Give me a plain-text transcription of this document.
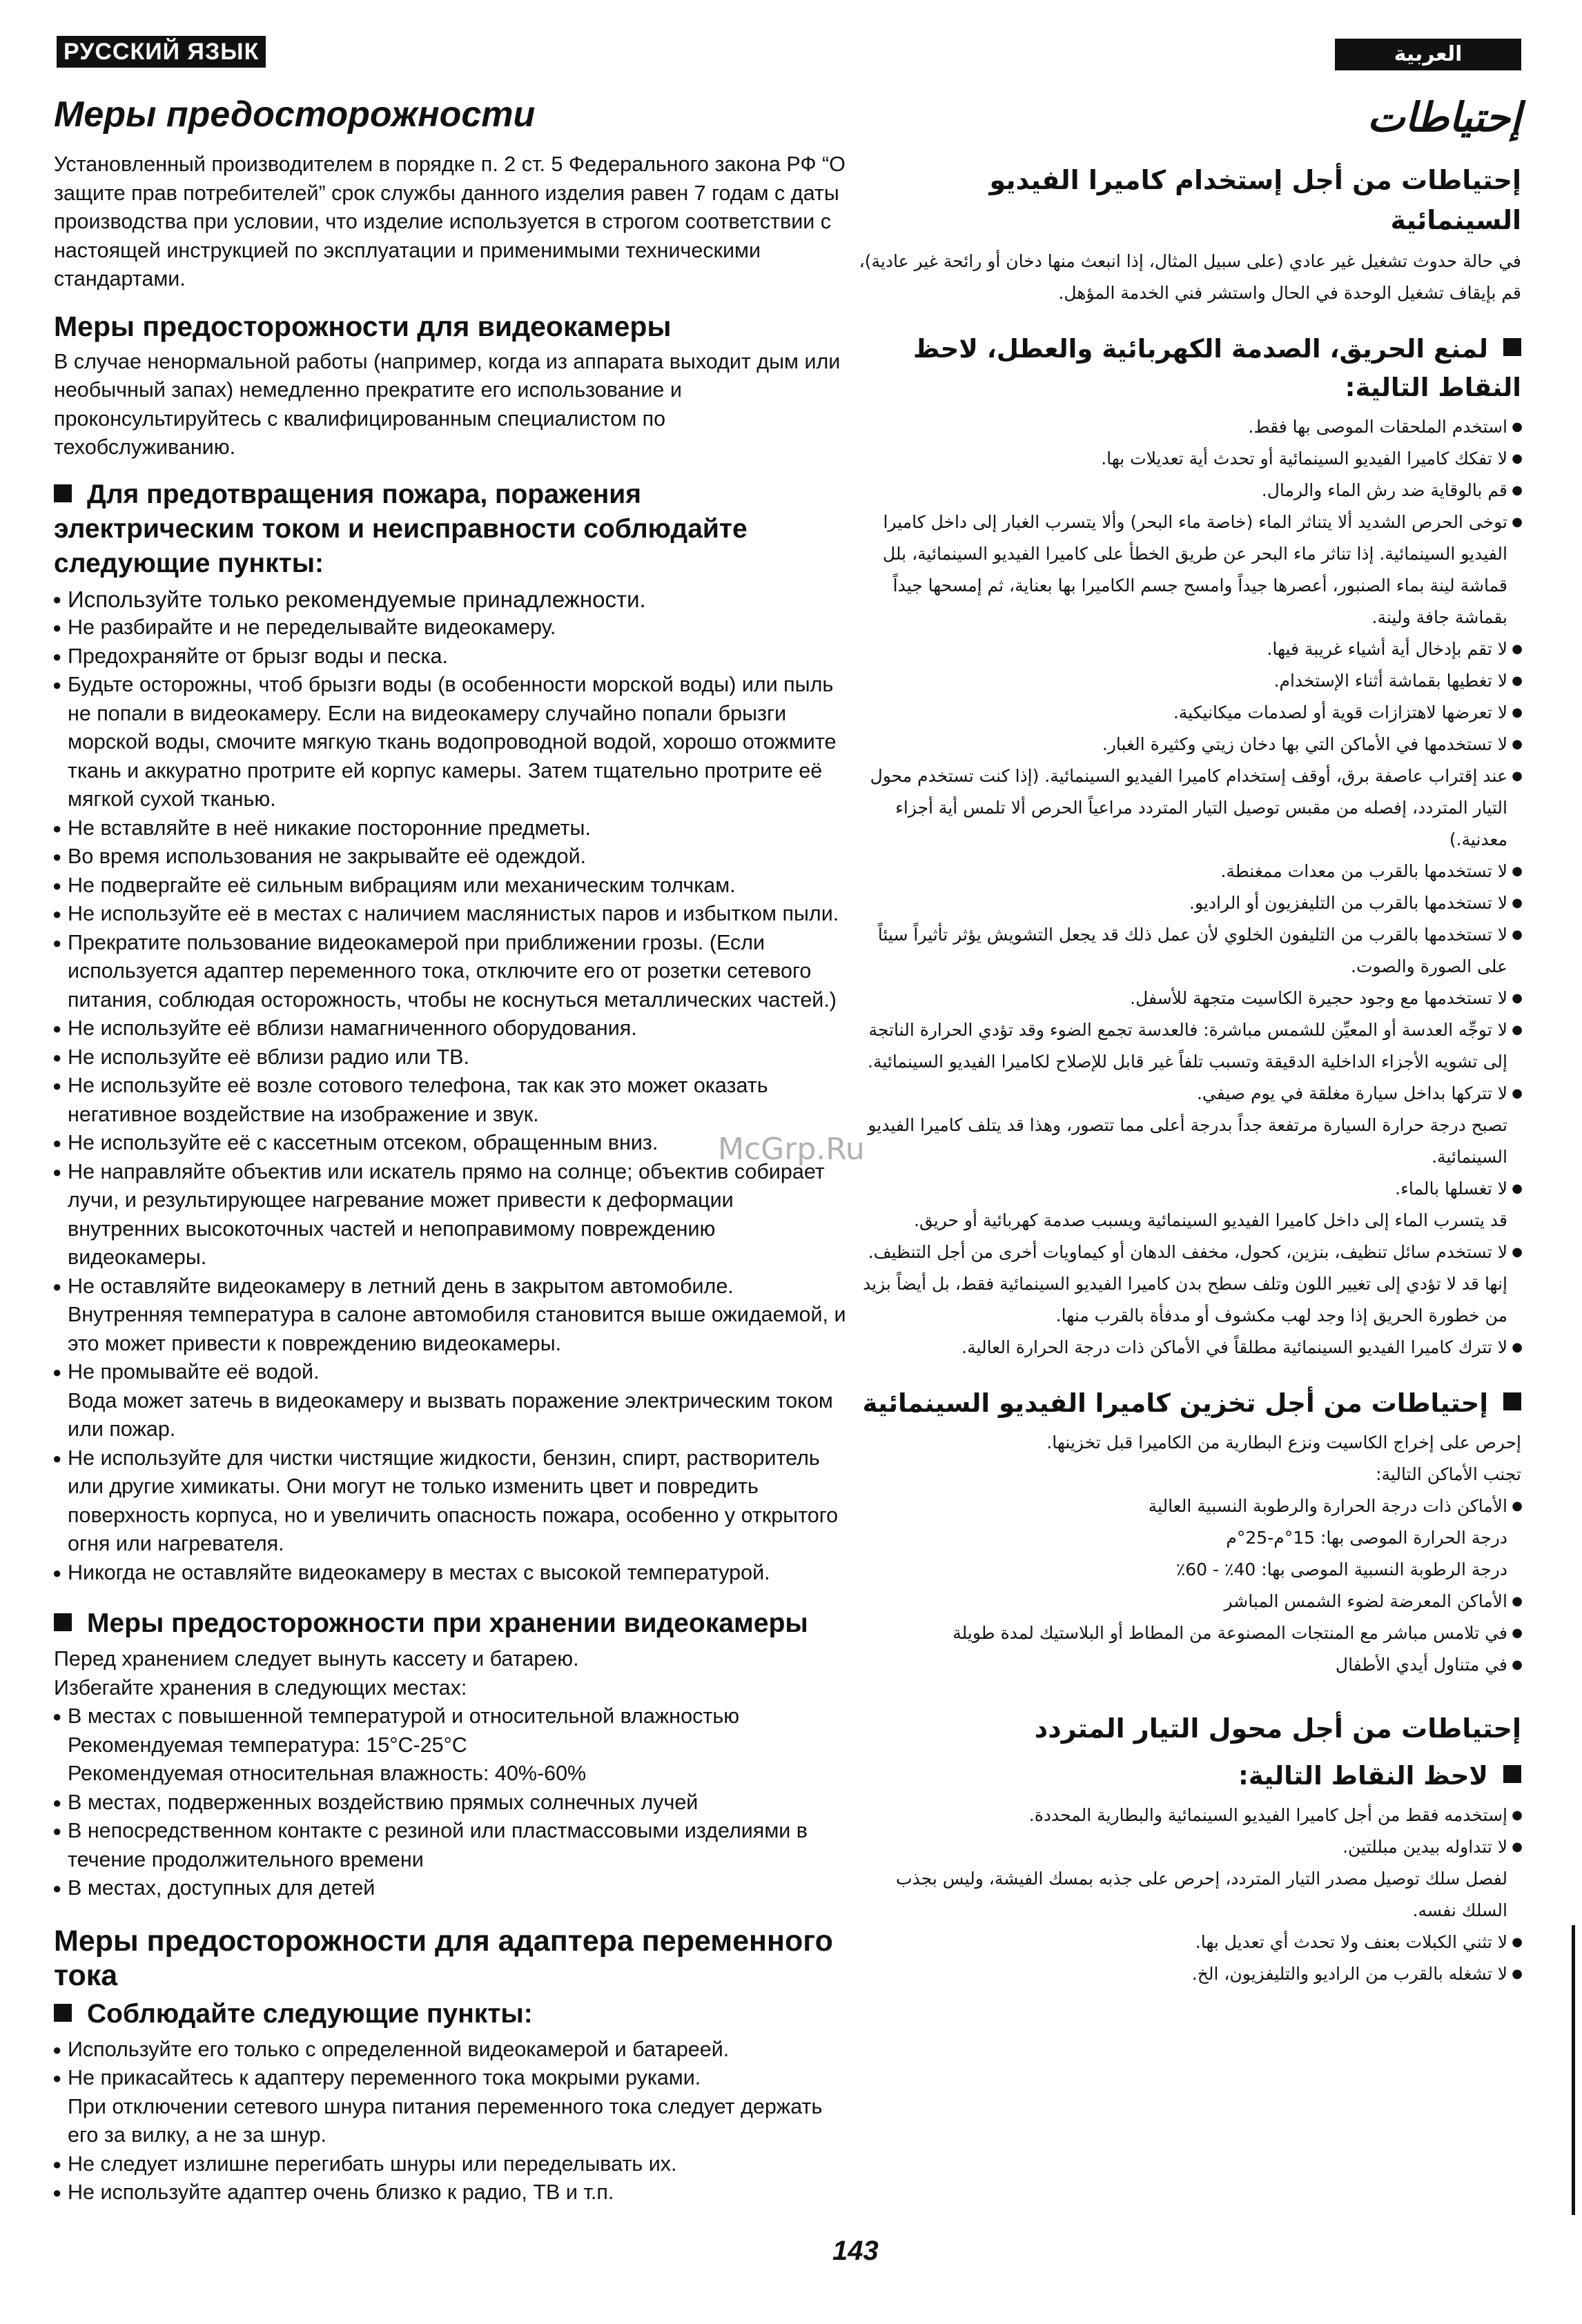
РУССКИЙ ЯЗЫК	العربية
Меры предосторожности

Установленный производителем в порядке п. 2 ст. 5 Федерального закона РФ “О защите прав потребителей” срок службы данного изделия равен 7 годам с даты производства при условии, что изделие используется в строгом соответствии с настоящей инструкцией по эксплуатации и применимыми техническими стандартами.

Меры предосторожности для видеокамеры

В случае ненормальной работы (например, когда из аппарата выходит дым или необычный запах) немедленно прекратите его использование и проконсультируйтесь с квалифицированным специалистом по техобслуживанию.

Для предотвращения пожара, поражения электрическим током и неисправности соблюдайте следующие пункты:
● Используйте только рекомендуемые принадлежности.
● Не разбирайте и не переделывайте видеокамеру.
● Предохраняйте от брызг воды и песка.
● Будьте осторожны, чтоб брызги воды (в особенности морской воды) или пыль не попали в видеокамеру. Если на видеокамеру случайно попали брызги морской воды, смочите мягкую ткань водопроводной водой, хорошо отожмите ткань и аккуратно протрите ей корпус камеры. Затем тщательно протрите её мягкой сухой тканью.
● Не вставляйте в неё никакие посторонние предметы.
● Во время использования не закрывайте её одеждой.
● Не подвергайте её сильным вибрациям или механическим толчкам.
● Не используйте её в местах с наличием маслянистых паров и избытком пыли.
● Прекратите пользование видеокамерой при приближении грозы. (Если используется адаптер переменного тока, отключите его от розетки сетевого питания, соблюдая осторожность, чтобы не коснуться металлических частей.)
● Не используйте её вблизи намагниченного оборудования.
● Не используйте её вблизи радио или ТВ.
● Не используйте её возле сотового телефона, так как это может оказать негативное воздействие на изображение и звук.
● Не используйте её с кассетным отсеком, обращенным вниз.
● Не направляйте объектив или искатель прямо на солнце; объектив собирает лучи, и результирующее нагревание может привести к деформации внутренних высокоточных частей и непоправимому повреждению видеокамеры.
● Не оставляйте видеокамеру в летний день в закрытом автомобиле. Внутренняя температура в салоне автомобиля становится выше ожидаемой, и это может привести к повреждению видеокамеры.
● Не промывайте её водой.
Вода может затечь в видеокамеру и вызвать поражение электрическим током или пожар.
● Не используйте для чистки чистящие жидкости, бензин, спирт, растворитель или другие химикаты. Они могут не только изменить цвет и повредить поверхность корпуса, но и увеличить опасность пожара, особенно у открытого огня или нагревателя.
● Никогда не оставляйте видеокамеру в местах с высокой температурой.
Меры предосторожности при хранении видеокамеры

Перед хранением следует вынуть кассету и батарею.

Избегайте хранения в следующих местах:

● В местах с повышенной температурой и относительной влажностью
Рекомендуемая температура: 15°С-25°С
Рекомендуемая относительная влажность: 40%-60%
● В местах, подверженных воздействию прямых солнечных лучей
● В непосредственном контакте с резиной или пластмассовыми изделиями в течение продолжительного времени
● В местах, доступных для детей
Меры предосторожности для адаптера переменного тока
Соблюдайте следующие пункты:
● Используйте его только с определенной видеокамерой и батареей.
● Не прикасайтесь к адаптеру переменного тока мокрыми руками.
При отключении сетевого шнура питания переменного тока следует держать его за вилку, а не за шнур.
● Не следует излишне перегибать шнуры или переделывать их.
● Не используйте адаптер очень близко к радио, ТВ и т.п.
إحتياطات
إحتياطات من أجل إستخدام كاميرا الفيديو السينمائية

في حالة حدوث تشغيل غير عادي (على سبيل المثال، إذا انبعث منها دخان أو رائحة غير عادية)، قم بإيقاف تشغيل الوحدة في الحال واستشر فني الخدمة المؤهل.

لمنع الحريق، الصدمة الكهربائية والعطل، لاحظ النقاط التالية:
● استخدم الملحقات الموصى بها فقط.
● لا تفكك كاميرا الفيديو السينمائية أو تحدث أية تعديلات بها.
● قم بالوقاية ضد رش الماء والرمال.
● توخى الحرص الشديد ألا يتناثر الماء (خاصة ماء البحر) وألا يتسرب الغبار إلى داخل كاميرا الفيديو السينمائية. إذا تناثر ماء البحر عن طريق الخطأ على كاميرا الفيديو السينمائية، بلل قماشة لينة بماء الصنبور، أعصرها جيداً وامسح جسم الكاميرا بها بعناية، ثم إمسحها جيداً بقماشة جافة ولينة.
● لا تقم بإدخال أية أشياء غريبة فيها.
● لا تغطيها بقماشة أثناء الإستخدام.
● لا تعرضها لاهتزازات قوية أو لصدمات ميكانيكية.
● لا تستخدمها في الأماكن التي بها دخان زيتي وكثيرة الغبار.
● عند إقتراب عاصفة برق، أوقف إستخدام كاميرا الفيديو السينمائية. (إذا كنت تستخدم محول التيار المتردد، إفصله من مقبس توصيل التيار المتردد مراعياً الحرص ألا تلمس أية أجزاء معدنية.)
● لا تستخدمها بالقرب من معدات ممغنطة.
● لا تستخدمها بالقرب من التليفزيون أو الراديو.
● لا تستخدمها بالقرب من التليفون الخلوي لأن عمل ذلك قد يجعل التشويش يؤثر تأثيراً سيئاً على الصورة والصوت.
● لا تستخدمها مع وجود حجيرة الكاسيت متجهة للأسفل.
● لا توجِّه العدسة أو المعيِّن للشمس مباشرة: فالعدسة تجمع الضوء وقد تؤدي الحرارة الناتجة إلى تشويه الأجزاء الداخلية الدقيقة وتسبب تلفاً غير قابل للإصلاح لكاميرا الفيديو السينمائية.
● لا تتركها بداخل سيارة مغلقة في يوم صيفي.
تصبح درجة حرارة السيارة مرتفعة جداً بدرجة أعلى مما تتصور، وهذا قد يتلف كاميرا الفيديو السينمائية.
● لا تغسلها بالماء.
قد يتسرب الماء إلى داخل كاميرا الفيديو السينمائية ويسبب صدمة كهربائية أو حريق.
● لا تستخدم سائل تنظيف، بنزين، كحول، مخفف الدهان أو كيماويات أخرى من أجل التنظيف. إنها قد لا تؤدي إلى تغيير اللون وتلف سطح بدن كاميرا الفيديو السينمائية فقط، بل أيضاً بزيد من خطورة الحريق إذا وجد لهب مكشوف أو مدفأة بالقرب منها.
● لا تترك كاميرا الفيديو السينمائية مطلقاً في الأماكن ذات درجة الحرارة العالية.
إحتياطات من أجل تخزين كاميرا الفيديو السينمائية

إحرص على إخراج الكاسيت ونزع البطارية من الكاميرا قبل تخزينها.

تجنب الأماكن التالية:

● الأماكن ذات درجة الحرارة والرطوبة النسبية العالية
درجة الحرارة الموصى بها: 15°م-25°م
درجة الرطوبة النسبية الموصى بها: 40٪ - 60٪
● الأماكن المعرضة لضوء الشمس المباشر
● في تلامس مباشر مع المنتجات المصنوعة من المطاط أو البلاستيك لمدة طويلة
● في متناول أيدي الأطفال
إحتياطات من أجل محول التيار المتردد
لاحظ النقاط التالية:
● إستخدمه فقط من أجل كاميرا الفيديو السينمائية والبطارية المحددة.
● لا تتداوله بيدين مبللتين.
لفصل سلك توصيل مصدر التيار المتردد، إحرص على جذبه بمسك الفيشة، وليس بجذب السلك نفسه.
● لا تثني الكبلات بعنف ولا تحدث أي تعديل بها.
● لا تشغله بالقرب من الراديو والتليفزيون، الخ.
McGrp.Ru
143
